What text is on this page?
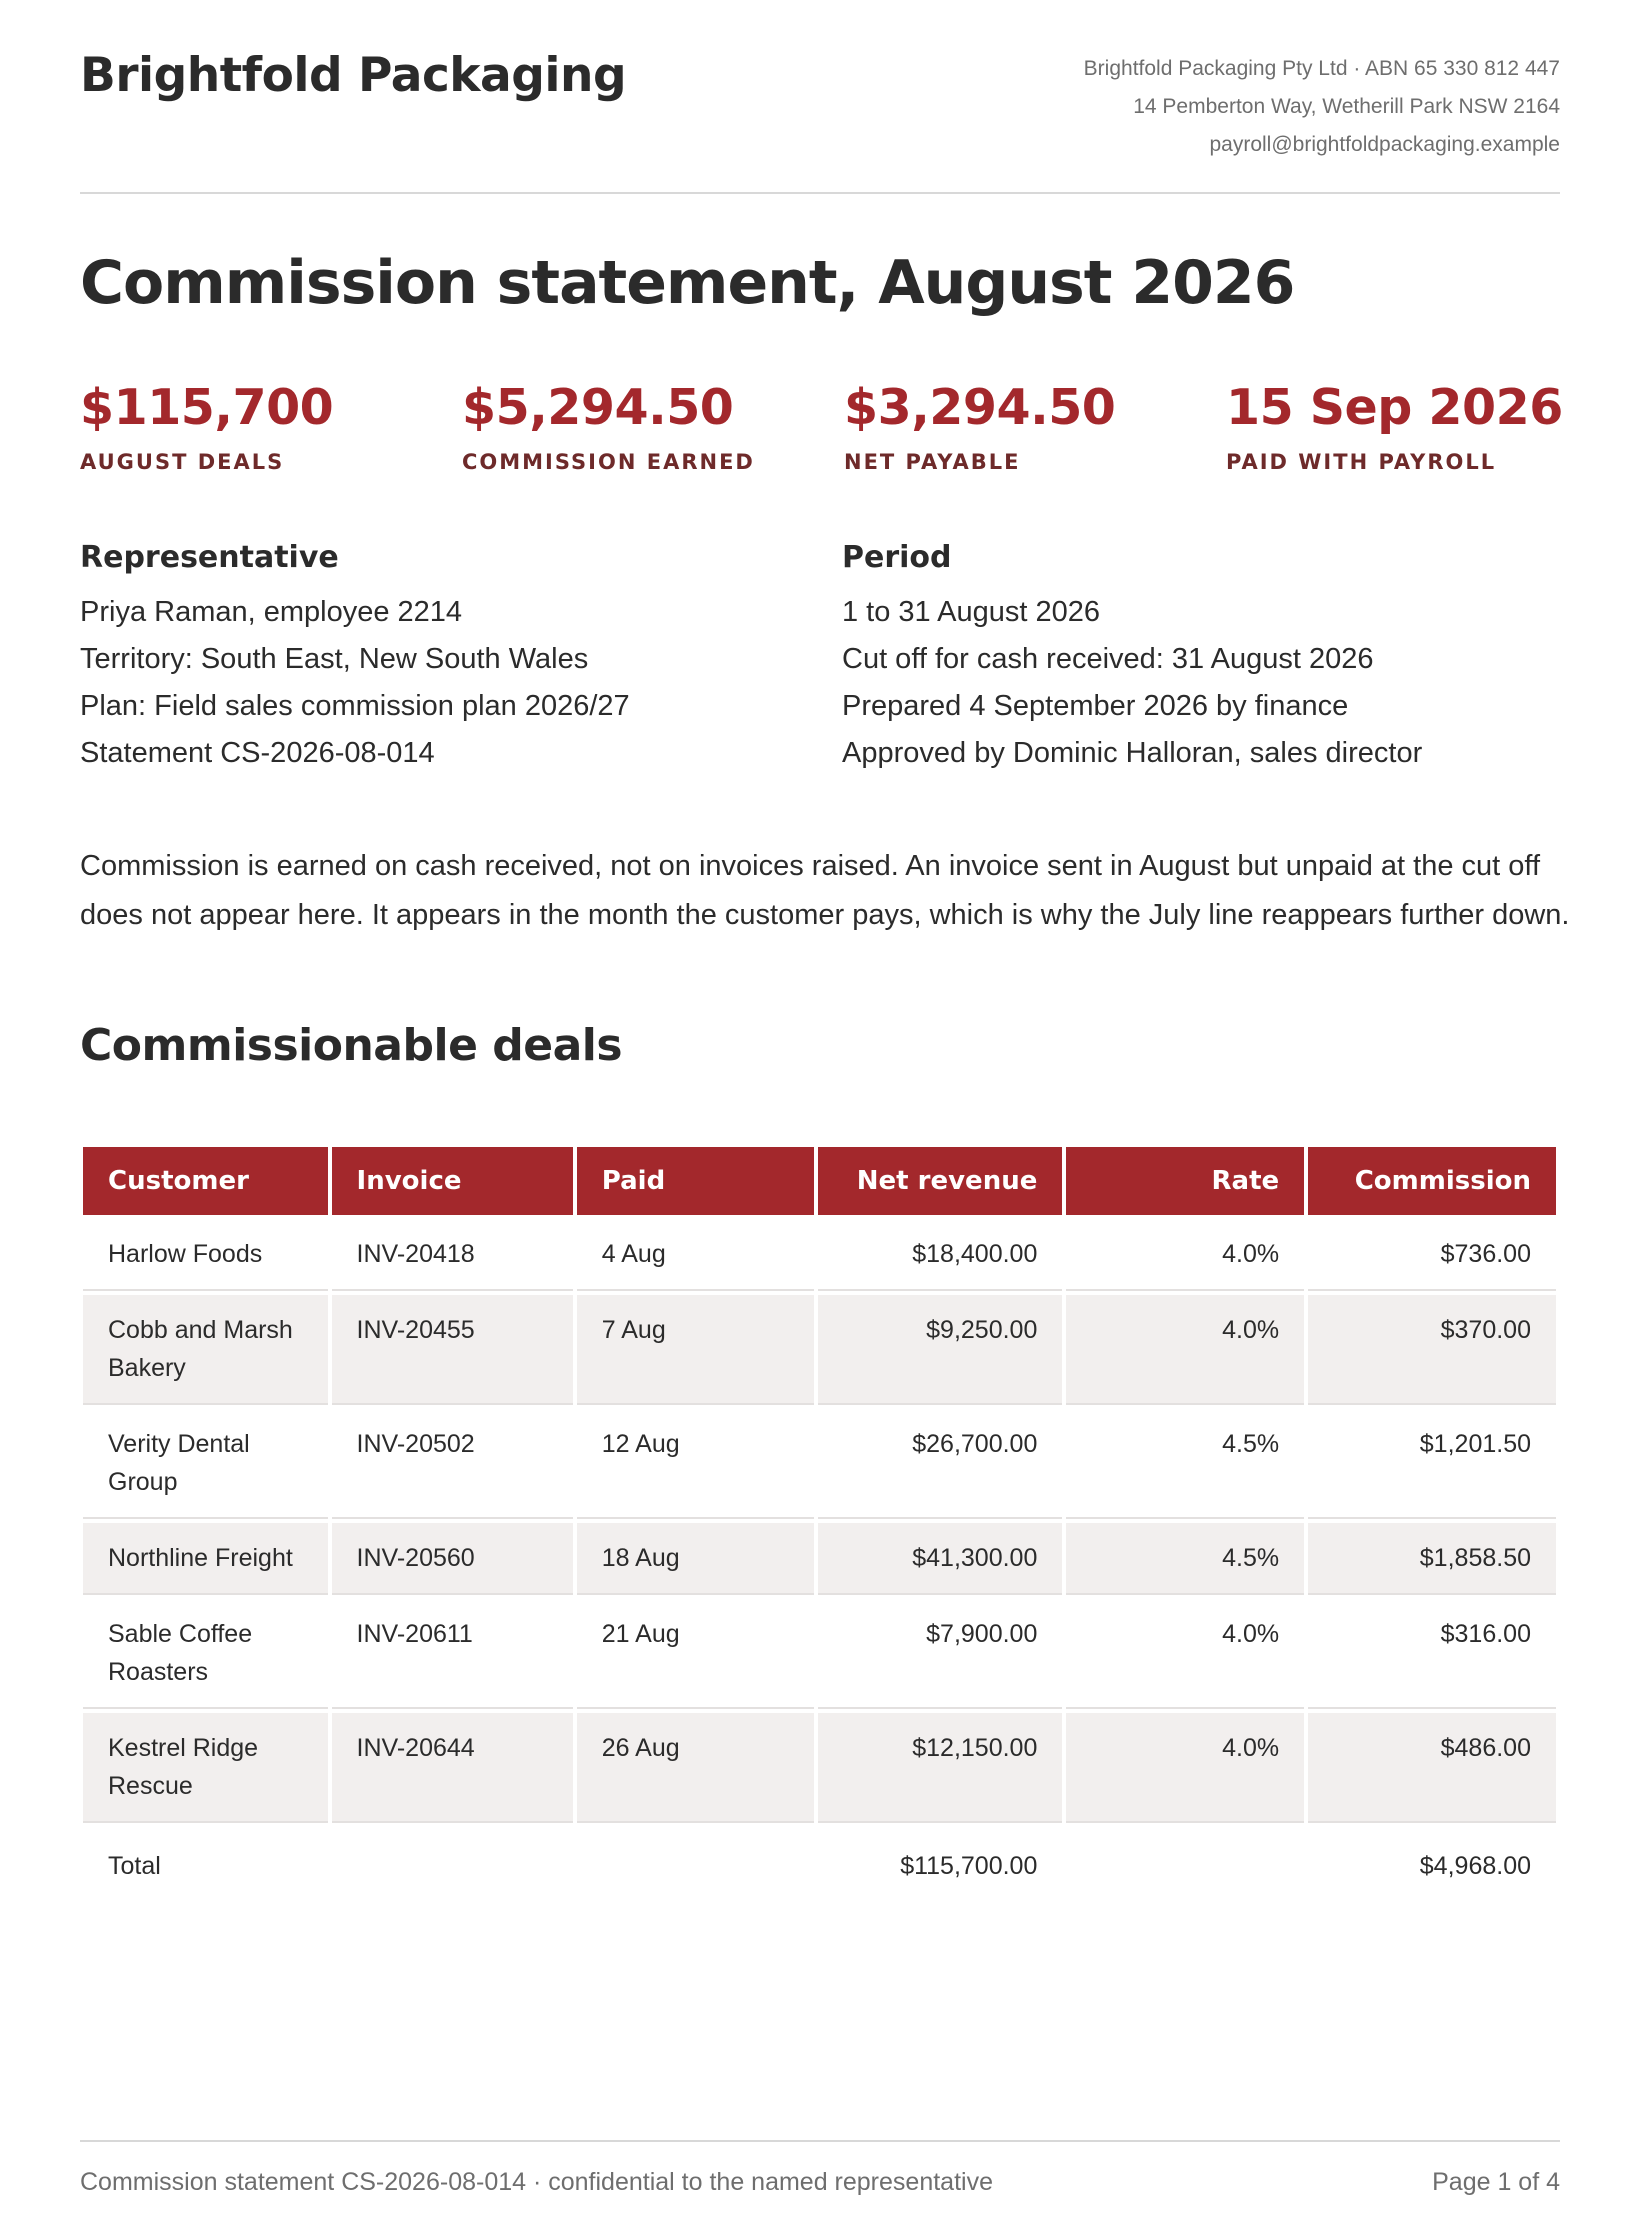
Brightfold Packaging	Brightfold Packaging Pty Ltd · ABN 65 330 812 447
14 Pemberton Way, Wetherill Park NSW 2164
payroll@brightfoldpackaging.example
Commission statement, August 2026
$115,700
AUGUST DEALS
$5,294.50
COMMISSION EARNED
$3,294.50
NET PAYABLE
15 Sep 2026
PAID WITH PAYROLL
Representative
Priya Raman, employee 2214
Territory: South East, New South Wales
Plan: Field sales commission plan 2026/27
Statement CS-2026-08-014
Period
1 to 31 August 2026
Cut off for cash received: 31 August 2026
Prepared 4 September 2026 by finance
Approved by Dominic Halloran, sales director

Commission is earned on cash received, not on invoices raised. An invoice sent in August but unpaid at the cut off does not appear here. It appears in the month the customer pays, which is why the July line reappears further down.

Commissionable deals
Customer	Invoice	Paid	Net revenue	Rate	Commission
Harlow Foods	INV-20418	4 Aug	$18,400.00	4.0%	$736.00
Cobb and Marsh Bakery	INV-20455	7 Aug	$9,250.00	4.0%	$370.00
Verity Dental Group	INV-20502	12 Aug	$26,700.00	4.5%	$1,201.50
Northline Freight	INV-20560	18 Aug	$41,300.00	4.5%	$1,858.50
Sable Coffee Roasters	INV-20611	21 Aug	$7,900.00	4.0%	$316.00
Kestrel Ridge Rescue	INV-20644	26 Aug	$12,150.00	4.0%	$486.00
Total			$115,700.00		$4,968.00
Commission statement CS-2026-08-014 · confidential to the named representative	Page 1 of 4
